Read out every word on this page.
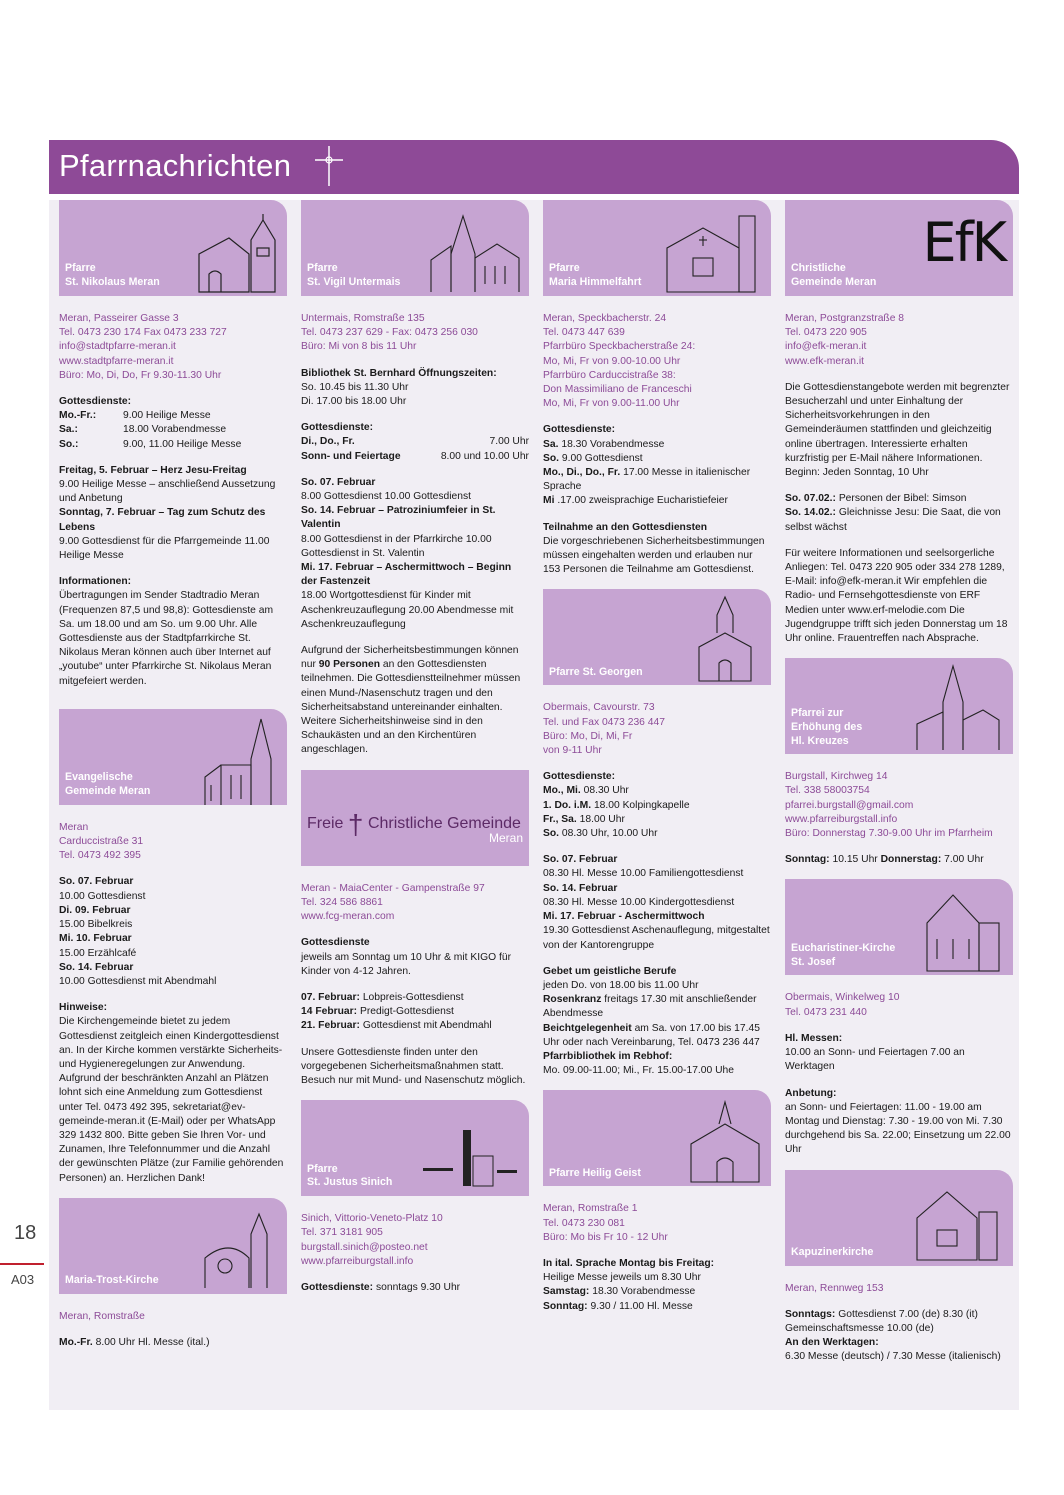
Pfarrnachrichten
Pfarre
St. Nikolaus Meran

Meran, Passeirer Gasse 3
Tel. 0473 230 174 Fax 0473 233 727
info@stadtpfarre-meran.it
www.stadtpfarre-meran.it
Büro: Mo, Di, Do, Fr 9.30-11.30 Uhr

Gottesdienste:

Mo.-Fr.:	9.00 Heilige Messe
Sa.:	18.00 Vorabendmesse
So.:	9.00, 11.00 Heilige Messe

Freitag, 5. Februar – Herz Jesu-Freitag
9.00 Heilige Messe – anschließend Aussetzung und Anbetung
Sonntag, 7. Februar – Tag zum Schutz des Lebens
9.00 Gottesdienst für die Pfarrgemeinde 11.00 Heilige Messe

Informationen:
Übertragungen im Sender Stadtradio Meran (Frequenzen 87,5 und 98,8): Gottesdienste am Sa. um 18.00 und am So. um 9.00 Uhr. Alle Gottesdienste aus der Stadtpfarrkirche St. Nikolaus Meran können auch über Internet auf „youtube“ unter Pfarrkirche St. Nikolaus Meran mitgefeiert werden.

Evangelische
Gemeinde Meran

Meran
Carduccistraße 31
Tel. 0473 492 395

So. 07. Februar
10.00 Gottesdienst
Di. 09. Februar
15.00 Bibelkreis
Mi. 10. Februar
15.00 Erzählcafé
So. 14. Februar
10.00 Gottesdienst mit Abendmahl

Hinweise:
Die Kirchengemeinde bietet zu jedem Gottesdienst zeitgleich einen Kindergottesdienst an. In der Kirche kommen verstärkte Sicherheits- und Hygieneregelungen zur Anwendung. Aufgrund der beschränkten Anzahl an Plätzen lohnt sich eine Anmeldung zum Gottesdienst unter Tel. 0473 492 395, sekretariat@ev-gemeinde-meran.it (E-Mail) oder per WhatsApp 329 1432 800. Bitte geben Sie Ihren Vor- und Zunamen, Ihre Telefonnummer und die Anzahl der gewünschten Plätze (zur Familie gehörenden Personen) an. Herzlichen Dank!

Maria-Trost-Kirche

Meran, Romstraße

Mo.-Fr. 8.00 Uhr Hl. Messe (ital.)

Pfarre
St. Vigil Untermais

Untermais, Romstraße 135
Tel. 0473 237 629 - Fax: 0473 256 030
Büro: Mi von 8 bis 11 Uhr

Bibliothek St. Bernhard Öffnungszeiten:
So. 10.45 bis 11.30 Uhr
Di. 17.00 bis 18.00 Uhr

Gottesdienste:
Di., Do., Fr.	7.00 Uhr

Sonn- und Feiertage	8.00 und 10.00 Uhr

So. 07. Februar
8.00 Gottesdienst 10.00 Gottesdienst
So. 14. Februar – Patroziniumfeier in St. Valentin
8.00 Gottesdienst in der Pfarrkirche 10.00 Gottesdienst in St. Valentin
Mi. 17. Februar – Aschermittwoch – Beginn der Fastenzeit
18.00 Wortgottesdienst für Kinder mit Aschenkreuzauflegung 20.00 Abendmesse mit Aschenkreuzauflegung

Aufgrund der Sicherheitsbestimmungen können nur 90 Personen an den Gottesdiensten teilnehmen. Die Gottesdienstteilnehmer müssen einen Mund-/Nasenschutz tragen und den Sicherheitsabstand untereinander einhalten. Weitere Sicherheitshinweise sind in den Schaukästen und an den Kirchentüren angeschlagen.

Freie † Christliche Gemeinde
Meran

Meran - MaiaCenter - Gampenstraße 97
Tel. 324 586 8861
www.fcg-meran.com

Gottesdienste
jeweils am Sonntag um 10 Uhr & mit KIGO für Kinder von 4-12 Jahren.

07. Februar: Lobpreis-Gottesdienst
14 Februar: Predigt-Gottesdienst
21. Februar: Gottesdienst mit Abendmahl

Unsere Gottesdienste finden unter den vorgegebenen Sicherheitsmaßnahmen statt. Besuch nur mit Mund- und Nasenschutz möglich.

Pfarre
St. Justus Sinich

Sinich, Vittorio-Veneto-Platz 10
Tel. 371 3181 905
burgstall.sinich@posteo.net
www.pfarreiburgstall.info

Gottesdienste: sonntags 9.30 Uhr

Pfarre
Maria Himmelfahrt

Meran, Speckbacherstr. 24
Tel. 0473 447 639
Pfarrbüro Speckbacherstraße 24:
Mo, Mi, Fr von 9.00-10.00 Uhr
Pfarrbüro Carduccistraße 38:
Don Massimiliano de Franceschi
Mo, Mi, Fr von 9.00-11.00 Uhr

Gottesdienste:
Sa. 18.30 Vorabendmesse
So. 9.00 Gottesdienst
Mo., Di., Do., Fr. 17.00 Messe in italienischer Sprache
Mi .17.00 zweisprachige Eucharistiefeier

Teilnahme an den Gottesdiensten
Die vorgeschriebenen Sicherheitsbestimmungen müssen eingehalten werden und erlauben nur 153 Personen die Teilnahme am Gottesdienst.

Pfarre St. Georgen

Obermais, Cavourstr. 73
Tel. und Fax 0473 236 447
Büro: Mo, Di, Mi, Fr
von 9-11 Uhr

Gottesdienste:
Mo., Mi. 08.30 Uhr
1. Do. i.M. 18.00 Kolpingkapelle
Fr., Sa. 18.00 Uhr
So. 08.30 Uhr, 10.00 Uhr

So. 07. Februar
08.30 Hl. Messe 10.00 Familiengottesdienst
So. 14. Februar
08.30 Hl. Messe 10.00 Kindergottesdienst
Mi. 17. Februar - Aschermittwoch
19.30 Gottesdienst Aschenauflegung, mitgestaltet von der Kantorengruppe

Gebet um geistliche Berufe
jeden Do. von 18.00 bis 11.00 Uhr
Rosenkranz freitags 17.30 mit anschließender Abendmesse
Beichtgelegenheit am Sa. von 17.00 bis 17.45 Uhr oder nach Vereinbarung, Tel. 0473 236 447
Pfarrbibliothek im Rebhof:
Mo. 09.00-11.00; Mi., Fr. 15.00-17.00 Uhe

Pfarre Heilig Geist

Meran, Romstraße 1
Tel. 0473 230 081
Büro: Mo bis Fr 10 - 12 Uhr

In ital. Sprache Montag bis Freitag:
Heilige Messe jeweils um 8.30 Uhr
Samstag: 18.30 Vorabendmesse
Sonntag: 9.30 / 11.00 Hl. Messe

EfK
Christliche
Gemeinde Meran

Meran, Postgranzstraße 8
Tel. 0473 220 905
info@efk-meran.it
www.efk-meran.it

Die Gottesdienstangebote werden mit begrenzter Besucherzahl und unter Einhaltung der Sicherheitsvorkehrungen in den Gemeinderäumen stattfinden und gleichzeitig online übertragen. Interessierte erhalten kurzfristig per E-Mail nähere Informationen. Beginn: Jeden Sonntag, 10 Uhr

So. 07.02.: Personen der Bibel: Simson
So. 14.02.: Gleichnisse Jesu: Die Saat, die von selbst wächst

Für weitere Informationen und seelsorgerliche Anliegen: Tel. 0473 220 905 oder 334 278 1289, E-Mail: info@efk-meran.it Wir empfehlen die Radio- und Fernsehgottesdienste von ERF Medien unter www.erf-melodie.com Die Jugendgruppe trifft sich jeden Donnerstag um 18 Uhr online. Frauentreffen nach Absprache.

Pfarrei zur
Erhöhung des
Hl. Kreuzes

Burgstall, Kirchweg 14
Tel. 338 58003754
pfarrei.burgstall@gmail.com
www.pfarreiburgstall.info
Büro: Donnerstag 7.30-9.00 Uhr im Pfarrheim

Sonntag: 10.15 Uhr Donnerstag: 7.00 Uhr

Eucharistiner-Kirche
St. Josef

Obermais, Winkelweg 10
Tel. 0473 231 440

Hl. Messen:
10.00 an Sonn- und Feiertagen 7.00 an Werktagen

Anbetung:
an Sonn- und Feiertagen: 11.00 - 19.00 am Montag und Dienstag: 7.30 - 19.00 von Mi. 7.30 durchgehend bis Sa. 22.00; Einsetzung um 22.00 Uhr

Kapuzinerkirche

Meran, Rennweg 153

Sonntags: Gottesdienst 7.00 (de) 8.30 (it) Gemeinschaftsmesse 10.00 (de)
An den Werktagen:
6.30 Messe (deutsch) / 7.30 Messe (italienisch)

18
A03
